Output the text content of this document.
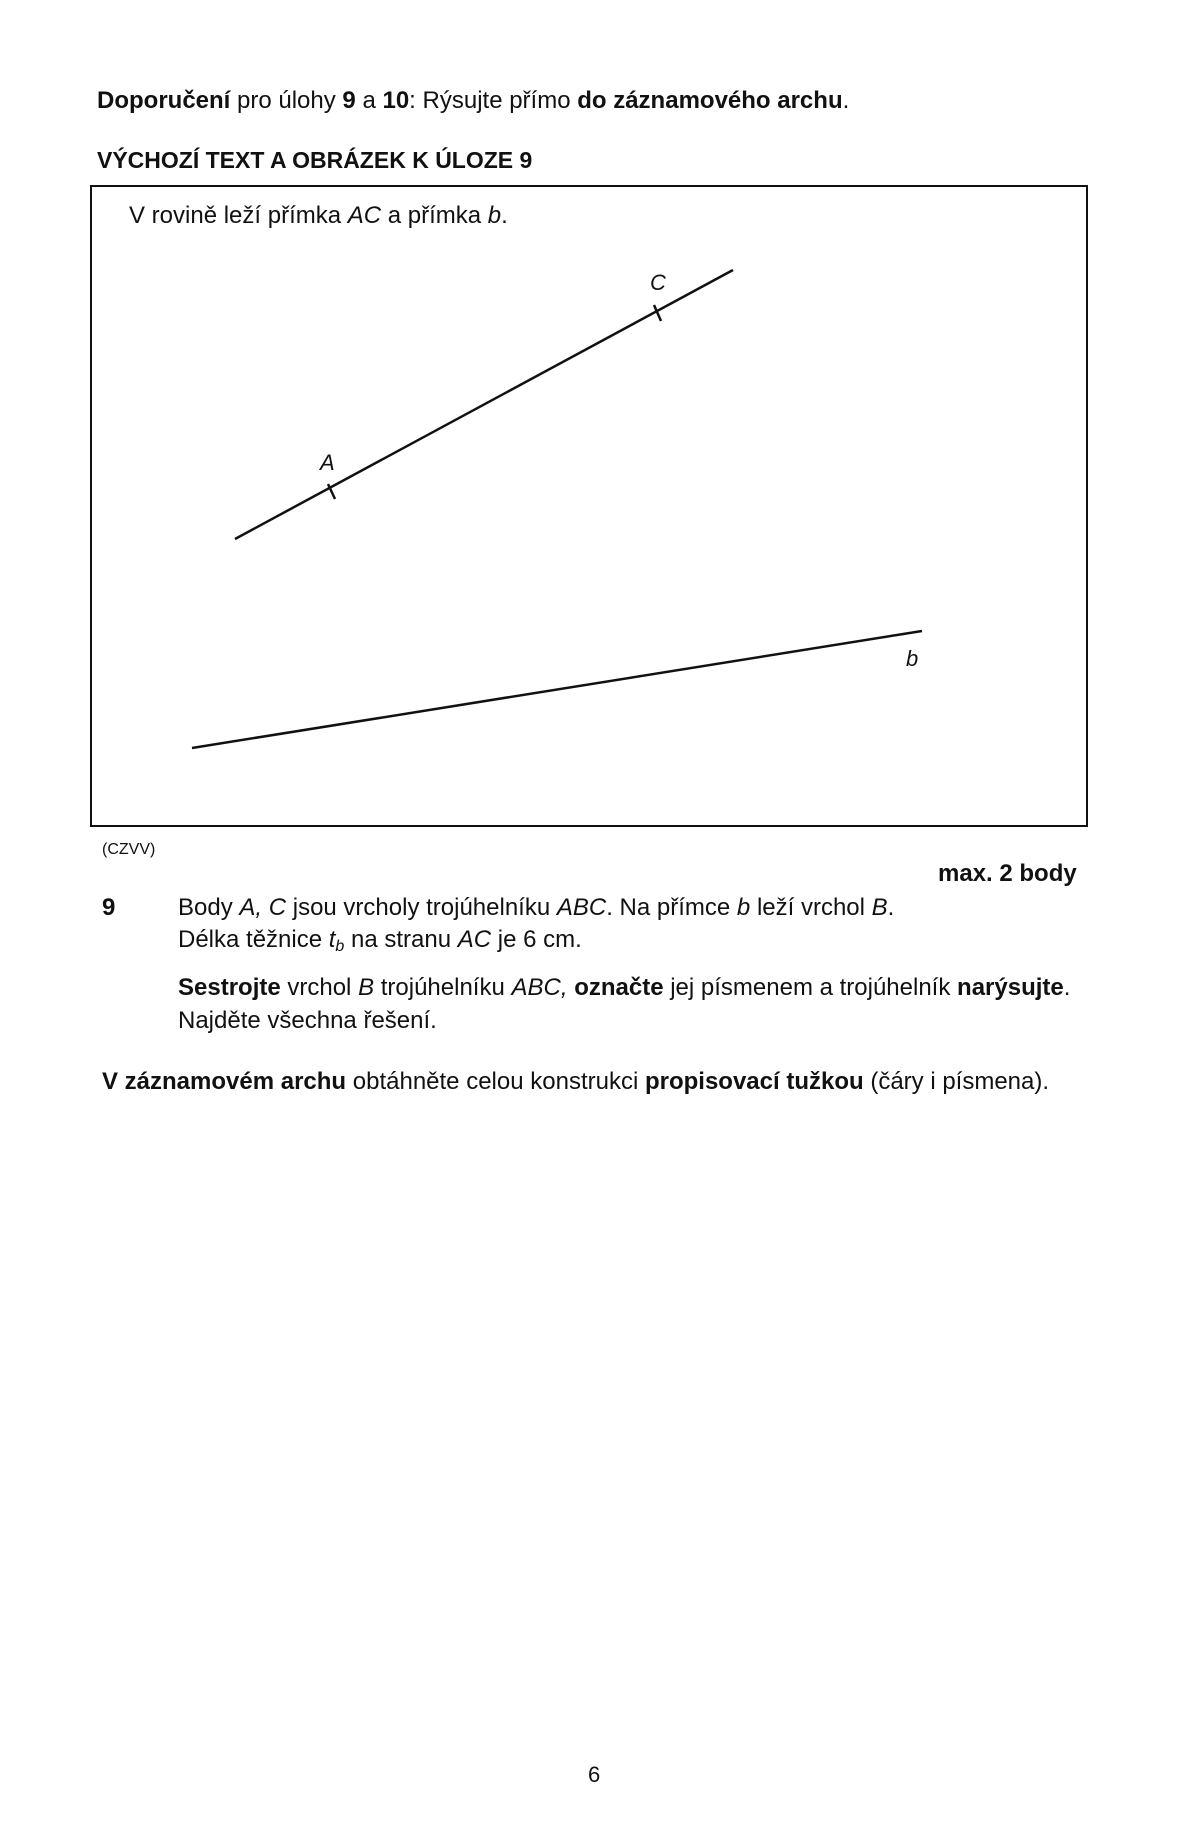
Doporučení pro úlohy 9 a 10: Rýsujte přímo do záznamového archu.
VÝCHOZÍ TEXT A OBRÁZEK K ÚLOZE 9
V rovině leží přímka AC a přímka b.
A
C
b
(CZVV)
max. 2 body
9	Body A, C jsou vrcholy trojúhelníku ABC. Na přímce b leží vrchol B.
Délka těžnice $t_b$ na stranu AC je 6 cm.
Sestrojte vrchol B trojúhelníku ABC, označte jej písmenem a trojúhelník narýsujte.
Najděte všechna řešení.
V záznamovém archu obtáhněte celou konstrukci propisovací tužkou (čáry i písmena).
6
